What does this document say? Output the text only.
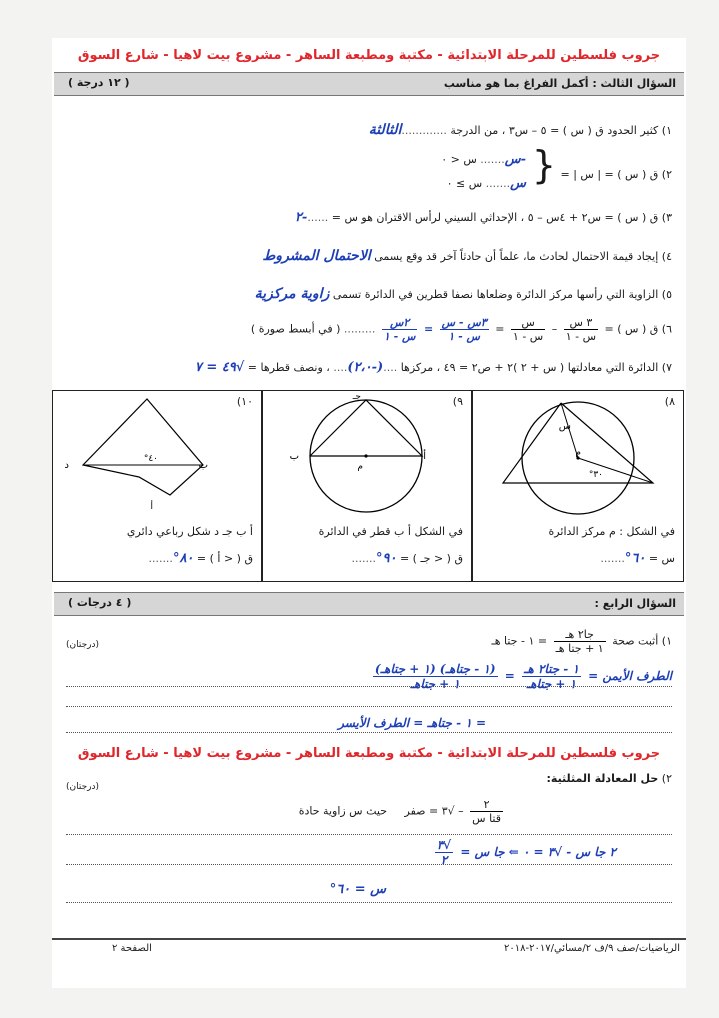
جروب فلسطين للمرحلة الابتدائية - مكتبة ومطبعة الساهر - مشروع بيت لاهيا - شارع السوق
السؤال الثالث : أكمل الفراغ بما هو مناسب
( ١٢ درجة )
١) كثير الحدود ق ( س ) = ٥ – س٣ ، من الدرجة .............الثالثة
٢) ق ( س ) = | س | =
{
-س....... س < ٠
س....... س ≥ ٠
٣) ق ( س ) = س٢ + ٤س – ٥ ، الإحداثي السيني لرأس الاقتران هو س = ......-٢
٤) إيجاد قيمة الاحتمال لحادث ما، علماً أن حادثاً آخر قد وقع يسمى الاحتمال المشروط
٥) الزاوية التي رأسها مركز الدائرة وضلعاها نصفا قطرين في الدائرة تسمى زاوية مركزية
٦) ق ( س ) =
$\frac{\text{٣ س}}{\text{س - ١}}$
–
$\frac{\text{س}}{\text{س - ١}}$
=
$\frac{\text{٣س - س}}{\text{س - ١}}$
=
$\frac{\text{٢س}}{\text{س - ١}}$
......... ( في أبسط صورة )
٧) الدائرة التي معادلتها ( س + ٢ )٢ + ص٢ = ٤٩ ، مركزها ....(-٢،٠).... ، ونصف قطرها = √٤٩ = ٧
٨)
س
م
٣٠°
في الشكل : م مركز الدائرة
س = ٦٠°.......
٩)
ب	أ
جـ
م
في الشكل أ ب قطر في الدائرة
ق ( < جـ ) = ٩٠°.......
١٠)
د	ب
أ
٤٠°
أ ب جـ د شكل رباعي دائري
ق ( < أ ) = ٨٠°.......
السؤال الرابع :
( ٤ درجات )
١) أثبت صحة
$\frac{\text{جا٢ هـ}}{\text{١ + جتا هـ}}$
= ١ - جتا هـ
(درجتان)
الطرف الأيمن =
$\frac{\text{١ - جتا٢ هـ}}{\text{١ + جتاهـ}}$
=
$\frac{\text{(١ - جتاهـ) (١ + جتاهـ)}}{\text{١ + جتاهـ}}$
= ١ - جتاهـ = الطرف الأيسر
جروب فلسطين للمرحلة الابتدائية - مكتبة ومطبعة الساهر - مشروع بيت لاهيا - شارع السوق
٢) حل المعادلة المثلثية:
(درجتان)
$\frac{٢}{\text{قتا س}}$
– √٣ = صفر     حيث س زاوية حادة
٢ جا س - √٣ = ٠ ⇐ جا س =
$\frac{√٣}{٢}$
س = ٦٠°
الرياضيات/صف ٩/ف ٢/مسائي/٢٠١٧-٢٠١٨
الصفحة ٢
